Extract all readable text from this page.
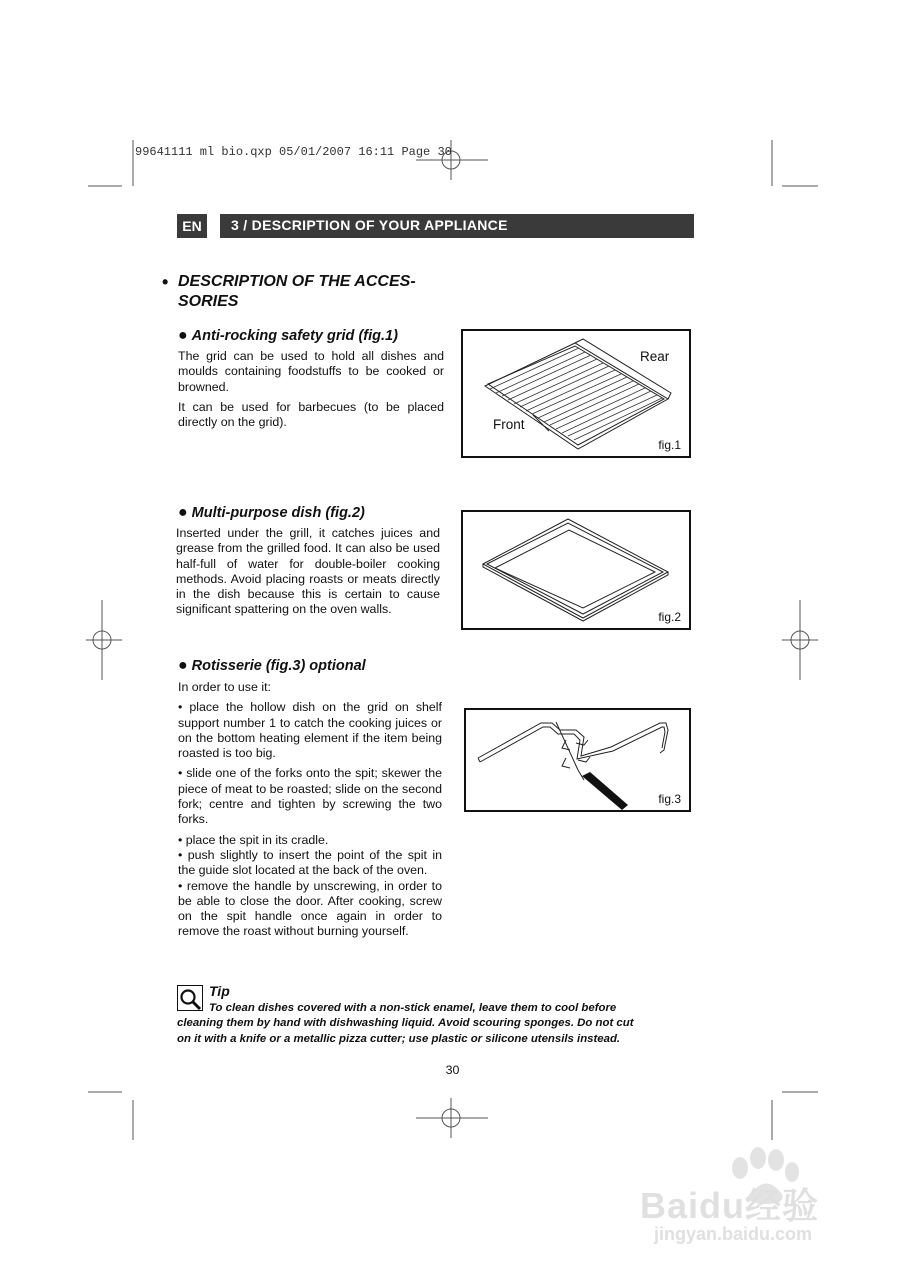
99641111 ml bio.qxp 05/01/2007 16:11 Page 30
EN	3 / DESCRIPTION OF YOUR APPLIANCE
• DESCRIPTION OF THE ACCES-
SORIES
● Anti-rocking safety grid (fig.1)

The grid can be used to hold all dishes and moulds containing foodstuffs to be cooked or browned.

It can be used for barbecues (to be placed directly on the grid).

Rear
Front
fig.1
● Multi-purpose dish (fig.2)

Inserted under the grill, it catches juices and grease from the grilled food. It can also be used half-full of water for double-boiler cooking methods. Avoid placing roasts or meats directly in the dish because this is certain to cause significant spattering on the oven walls.

fig.2
● Rotisserie (fig.3) optional

In order to use it:

• place the hollow dish on the grid on shelf support number 1 to catch the cooking juices or on the bottom heating element if the item being roasted is too big.

• slide one of the forks onto the spit; skewer the piece of meat to be roasted; slide on the second fork; centre and tighten by screwing the two forks.

• place the spit in its cradle.

• push slightly to insert the point of the spit in the guide slot located at the back of the oven.

• remove the handle by unscrewing, in order to be able to close the door. After cooking, screw on the spit handle once again in order to remove the roast without burning yourself.

fig.3
Tip
To clean dishes covered with a non-stick enamel, leave them to cool before
cleaning them by hand with dishwashing liquid. Avoid scouring sponges. Do not cut
on it with a knife or a metallic pizza cutter; use plastic or silicone utensils instead.
30
Baidu经验
jingyan.baidu.com
